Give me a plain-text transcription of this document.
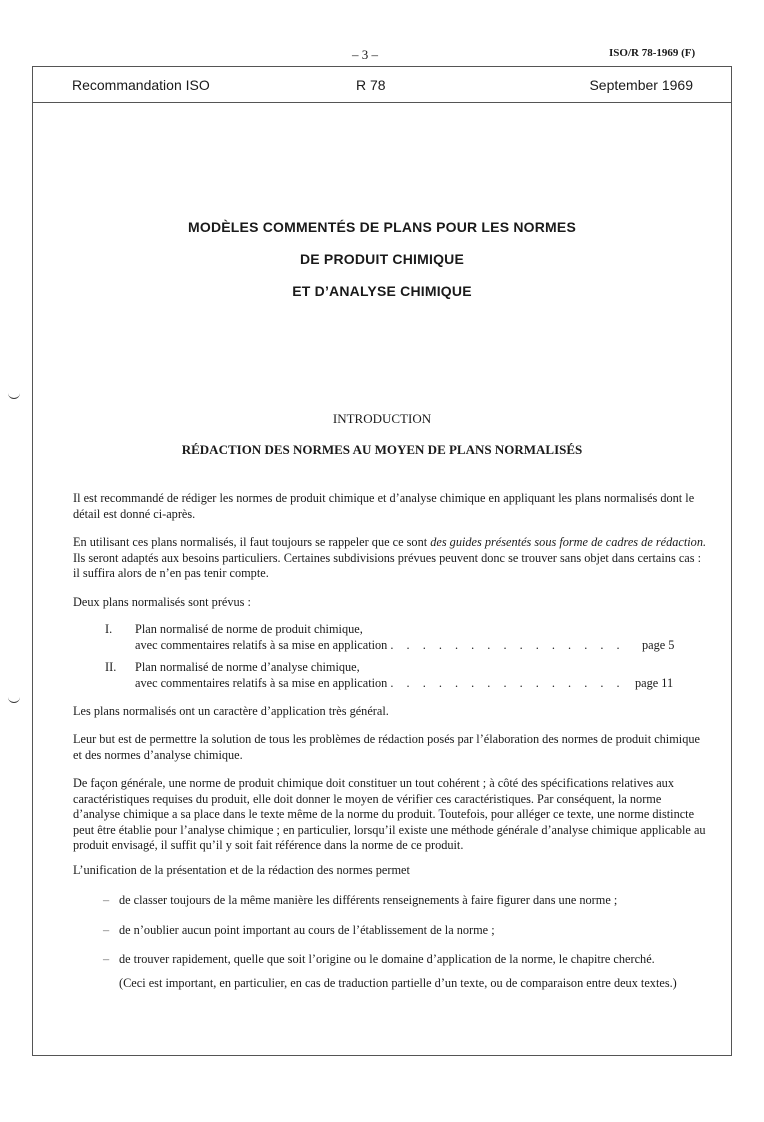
– 3 –	ISO/R 78-1969 (F)
Recommandation ISO	R 78	September 1969
MODÈLES COMMENTÉS DE PLANS POUR LES NORMES
DE PRODUIT CHIMIQUE
ET D’ANALYSE CHIMIQUE
INTRODUCTION
RÉDACTION DES NORMES AU MOYEN DE PLANS NORMALISÉS

Il est recommandé de rédiger les normes de produit chimique et d’analyse chimique en appliquant les plans normalisés dont le détail est donné ci-après.

En utilisant ces plans normalisés, il faut toujours se rappeler que ce sont des guides présentés sous forme de cadres de rédaction. Ils seront adaptés aux besoins particuliers. Certaines subdivisions prévues peuvent donc se trouver sans objet dans certains cas : il suffira alors de n’en pas tenir compte.

Deux plans normalisés sont prévus :

I. Plan normalisé de norme de produit chimique,
avec commentaires relatifs à sa mise en application . . . . . . . . . . . . . . .	page 5
II. Plan normalisé de norme d’analyse chimique,
avec commentaires relatifs à sa mise en application . . . . . . . . . . . . . . . page 11

Les plans normalisés ont un caractère d’application très général.

Leur but est de permettre la solution de tous les problèmes de rédaction posés par l’élaboration des normes de produit chimique et des normes d’analyse chimique.

De façon générale, une norme de produit chimique doit constituer un tout cohérent ; à côté des spécifications relatives aux caractéristiques requises du produit, elle doit donner le moyen de vérifier ces caractéristiques. Par conséquent, la norme d’analyse chimique a sa place dans le texte même de la norme du produit. Toutefois, pour alléger ce texte, une norme distincte peut être établie pour l’analyse chimique ; en particulier, lorsqu’il existe une méthode générale d’analyse chimique applicable au produit envisagé, il suffit qu’il y soit fait référence dans la norme de ce produit.

L’unification de la présentation et de la rédaction des normes permet

– de classer toujours de la même manière les différents renseignements à faire figurer dans une norme ;
– de n’oublier aucun point important au cours de l’établissement de la norme ;
– de trouver rapidement, quelle que soit l’origine ou le domaine d’application de la norme, le chapitre cherché.
(Ceci est important, en particulier, en cas de traduction partielle d’un texte, ou de comparaison entre deux textes.)
